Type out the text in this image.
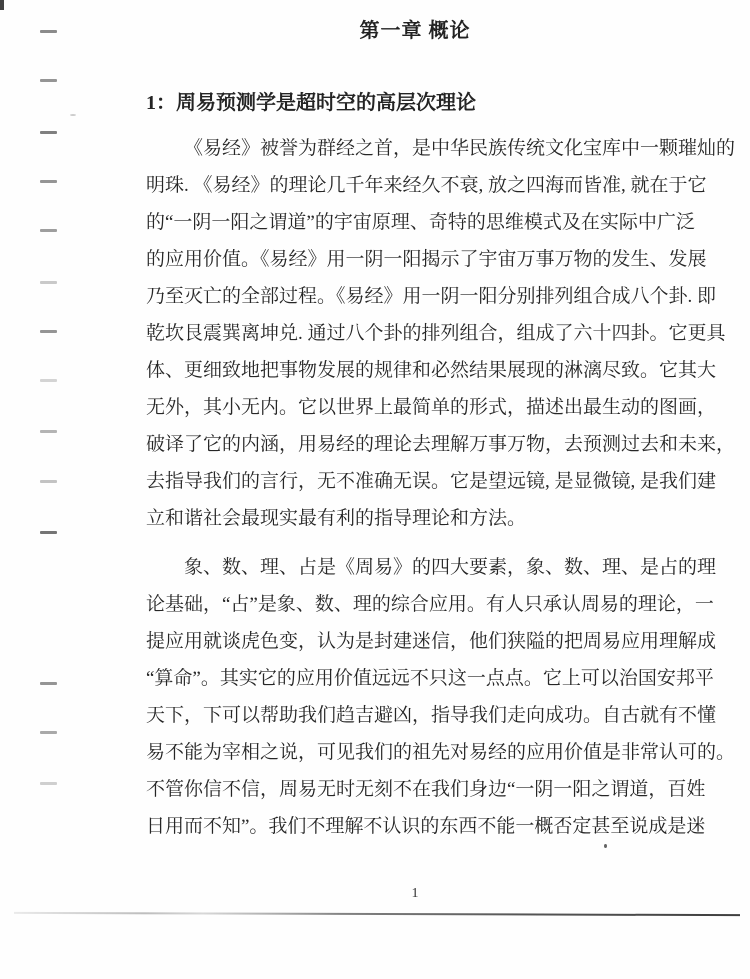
第一章 概论
1：周易预测学是超时空的高层次理论
《易经》被誉为群经之首，是中华民族传统文化宝库中一颗璀灿的
明珠. 《易经》的理论几千年来经久不衰, 放之四海而皆准, 就在于它
的“一阴一阳之谓道”的宇宙原理、奇特的思维模式及在实际中广泛
的应用价值。《易经》用一阴一阳揭示了宇宙万事万物的发生、发展
乃至灭亡的全部过程。《易经》用一阴一阳分别排列组合成八个卦. 即
乾坎艮震巽离坤兑. 通过八个卦的排列组合，组成了六十四卦。它更具
体、更细致地把事物发展的规律和必然结果展现的淋漓尽致。它其大
无外，其小无内。它以世界上最简单的形式，描述出最生动的图画，
破译了它的内涵，用易经的理论去理解万事万物，去预测过去和未来，
去指导我们的言行，无不准确无误。它是望远镜, 是显微镜, 是我们建
立和谐社会最现实最有利的指导理论和方法。
象、数、理、占是《周易》的四大要素，象、数、理、是占的理
论基础，“占”是象、数、理的综合应用。有人只承认周易的理论，一
提应用就谈虎色变，认为是封建迷信，他们狭隘的把周易应用理解成
“算命”。其实它的应用价值远远不只这一点点。它上可以治国安邦平
天下，下可以帮助我们趋吉避凶，指导我们走向成功。自古就有不懂
易不能为宰相之说，可见我们的祖先对易经的应用价值是非常认可的。
不管你信不信，周易无时无刻不在我们身边“一阴一阳之谓道，百姓
日用而不知”。我们不理解不认识的东西不能一概否定甚至说成是迷
1
